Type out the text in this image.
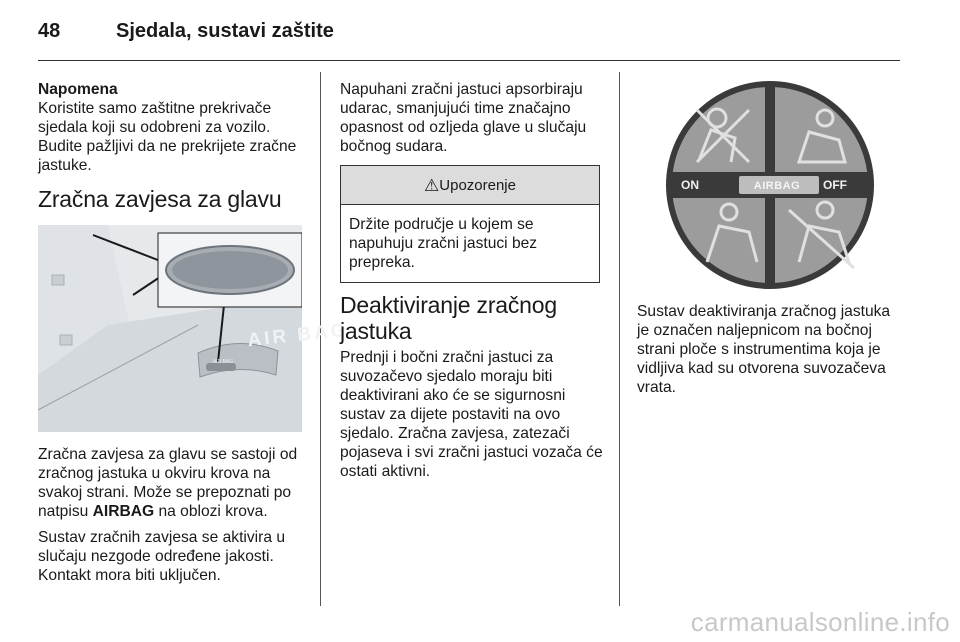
48	Sjedala, sustavi zaštite

Napomena

Koristite samo zaštitne prekrivače sjedala koji su odobreni za vozilo. Budite pažljivi da ne prekrijete zračne jastuke.

Zračna zavjesa za glavu
AIR BAG
AIR BAG

Zračna zavjesa za glavu se sastoji od zračnog jastuka u okviru krova na svakoj strani. Može se prepoznati po natpisu AIRBAG na oblozi krova.

Sustav zračnih zavjesa se aktivira u slučaju nezgode određene jakosti. Kontakt mora biti uključen.

Napuhani zračni jastuci apsorbiraju udarac, smanjujući time značajno opasnost od ozljeda glave u slučaju bočnog sudara.

⚠ Upozorenje
Držite područje u kojem se napuhuju zračni jastuci bez prepreka.
Deaktiviranje zračnog jastuka

Prednji i bočni zračni jastuci za suvozačevo sjedalo moraju biti deaktivirani ako će se sigurnosni sustav za dijete postaviti na ovo sjedalo. Zračna zavjesa, zatezači pojaseva i svi zračni jastuci vozača će ostati aktivni.

ON	AIRBAG	OFF

Sustav deaktiviranja zračnog jastuka je označen naljepnicom na bočnoj strani ploče s instrumentima koja je vidljiva kad su otvorena suvozačeva vrata.

carmanualsonline.info
